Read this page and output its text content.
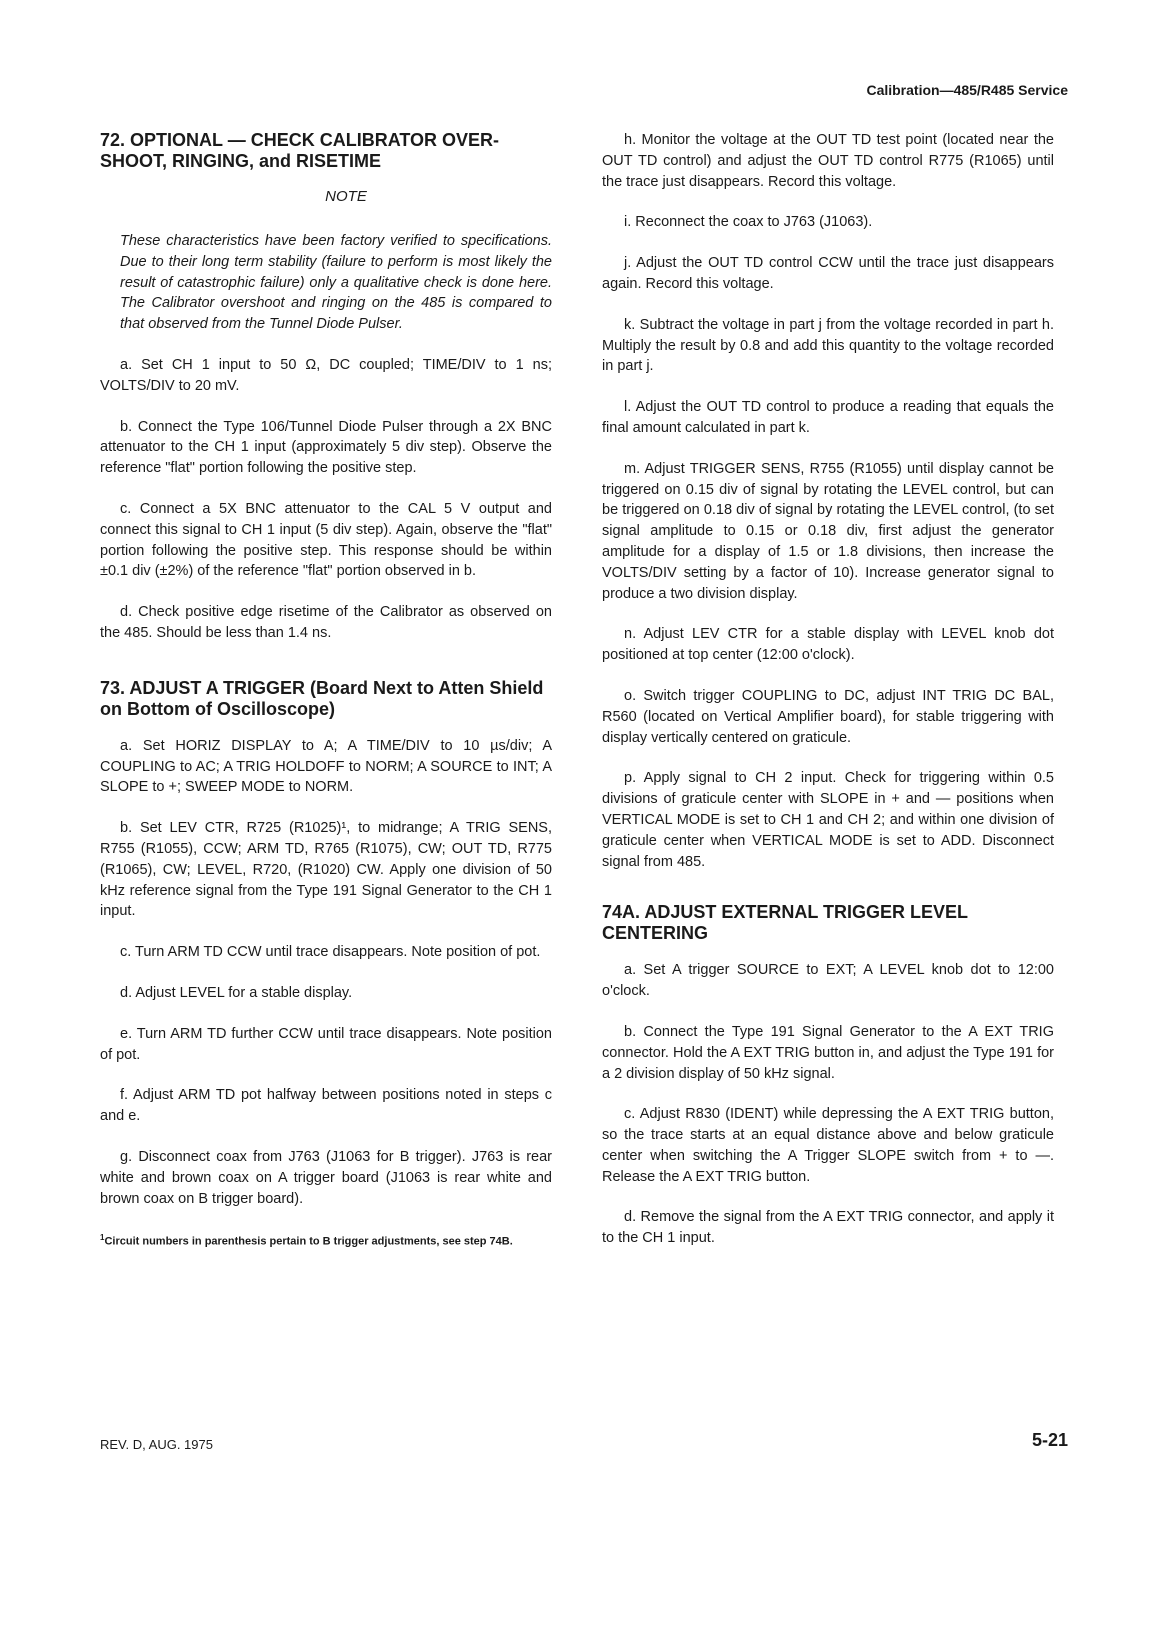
Calibration—485/R485 Service
72. OPTIONAL — CHECK CALIBRATOR OVER-SHOOT, RINGING, and RISETIME
NOTE

These characteristics have been factory verified to specifications. Due to their long term stability (failure to perform is most likely the result of catastrophic failure) only a qualitative check is done here. The Calibrator overshoot and ringing on the 485 is compared to that observed from the Tunnel Diode Pulser.

a. Set CH 1 input to 50 Ω, DC coupled; TIME/DIV to 1 ns; VOLTS/DIV to 20 mV.

b. Connect the Type 106/Tunnel Diode Pulser through a 2X BNC attenuator to the CH 1 input (approximately 5 div step). Observe the reference "flat" portion following the positive step.

c. Connect a 5X BNC attenuator to the CAL 5 V output and connect this signal to CH 1 input (5 div step). Again, observe the "flat" portion following the positive step. This response should be within ±0.1 div (±2%) of the reference "flat" portion observed in b.

d. Check positive edge risetime of the Calibrator as observed on the 485. Should be less than 1.4 ns.

73. ADJUST A TRIGGER (Board Next to Atten Shield on Bottom of Oscilloscope)

a. Set HORIZ DISPLAY to A; A TIME/DIV to 10 µs/div; A COUPLING to AC; A TRIG HOLDOFF to NORM; A SOURCE to INT; A SLOPE to +; SWEEP MODE to NORM.

b. Set LEV CTR, R725 (R1025)¹, to midrange; A TRIG SENS, R755 (R1055), CCW; ARM TD, R765 (R1075), CW; OUT TD, R775 (R1065), CW; LEVEL, R720, (R1020) CW. Apply one division of 50 kHz reference signal from the Type 191 Signal Generator to the CH 1 input.

c. Turn ARM TD CCW until trace disappears. Note position of pot.

d. Adjust LEVEL for a stable display.

e. Turn ARM TD further CCW until trace disappears. Note position of pot.

f. Adjust ARM TD pot halfway between positions noted in steps c and e.

g. Disconnect coax from J763 (J1063 for B trigger). J763 is rear white and brown coax on A trigger board (J1063 is rear white and brown coax on B trigger board).

$^1$Circuit numbers in parenthesis pertain to B trigger adjustments, see step 74B.

h. Monitor the voltage at the OUT TD test point (located near the OUT TD control) and adjust the OUT TD control R775 (R1065) until the trace just disappears. Record this voltage.

i. Reconnect the coax to J763 (J1063).

j. Adjust the OUT TD control CCW until the trace just disappears again. Record this voltage.

k. Subtract the voltage in part j from the voltage recorded in part h. Multiply the result by 0.8 and add this quantity to the voltage recorded in part j.

l. Adjust the OUT TD control to produce a reading that equals the final amount calculated in part k.

m. Adjust TRIGGER SENS, R755 (R1055) until display cannot be triggered on 0.15 div of signal by rotating the LEVEL control, but can be triggered on 0.18 div of signal by rotating the LEVEL control, (to set signal amplitude to 0.15 or 0.18 div, first adjust the generator amplitude for a display of 1.5 or 1.8 divisions, then increase the VOLTS/DIV setting by a factor of 10). Increase generator signal to produce a two division display.

n. Adjust LEV CTR for a stable display with LEVEL knob dot positioned at top center (12:00 o'clock).

o. Switch trigger COUPLING to DC, adjust INT TRIG DC BAL, R560 (located on Vertical Amplifier board), for stable triggering with display vertically centered on graticule.

p. Apply signal to CH 2 input. Check for triggering within 0.5 divisions of graticule center with SLOPE in + and — positions when VERTICAL MODE is set to CH 1 and CH 2; and within one division of graticule center when VERTICAL MODE is set to ADD. Disconnect signal from 485.

74A. ADJUST EXTERNAL TRIGGER LEVEL CENTERING

a. Set A trigger SOURCE to EXT; A LEVEL knob dot to 12:00 o'clock.

b. Connect the Type 191 Signal Generator to the A EXT TRIG connector. Hold the A EXT TRIG button in, and adjust the Type 191 for a 2 division display of 50 kHz signal.

c. Adjust R830 (IDENT) while depressing the A EXT TRIG button, so the trace starts at an equal distance above and below graticule center when switching the A Trigger SLOPE switch from + to —. Release the A EXT TRIG button.

d. Remove the signal from the A EXT TRIG connector, and apply it to the CH 1 input.

REV. D, AUG. 1975	5-21
